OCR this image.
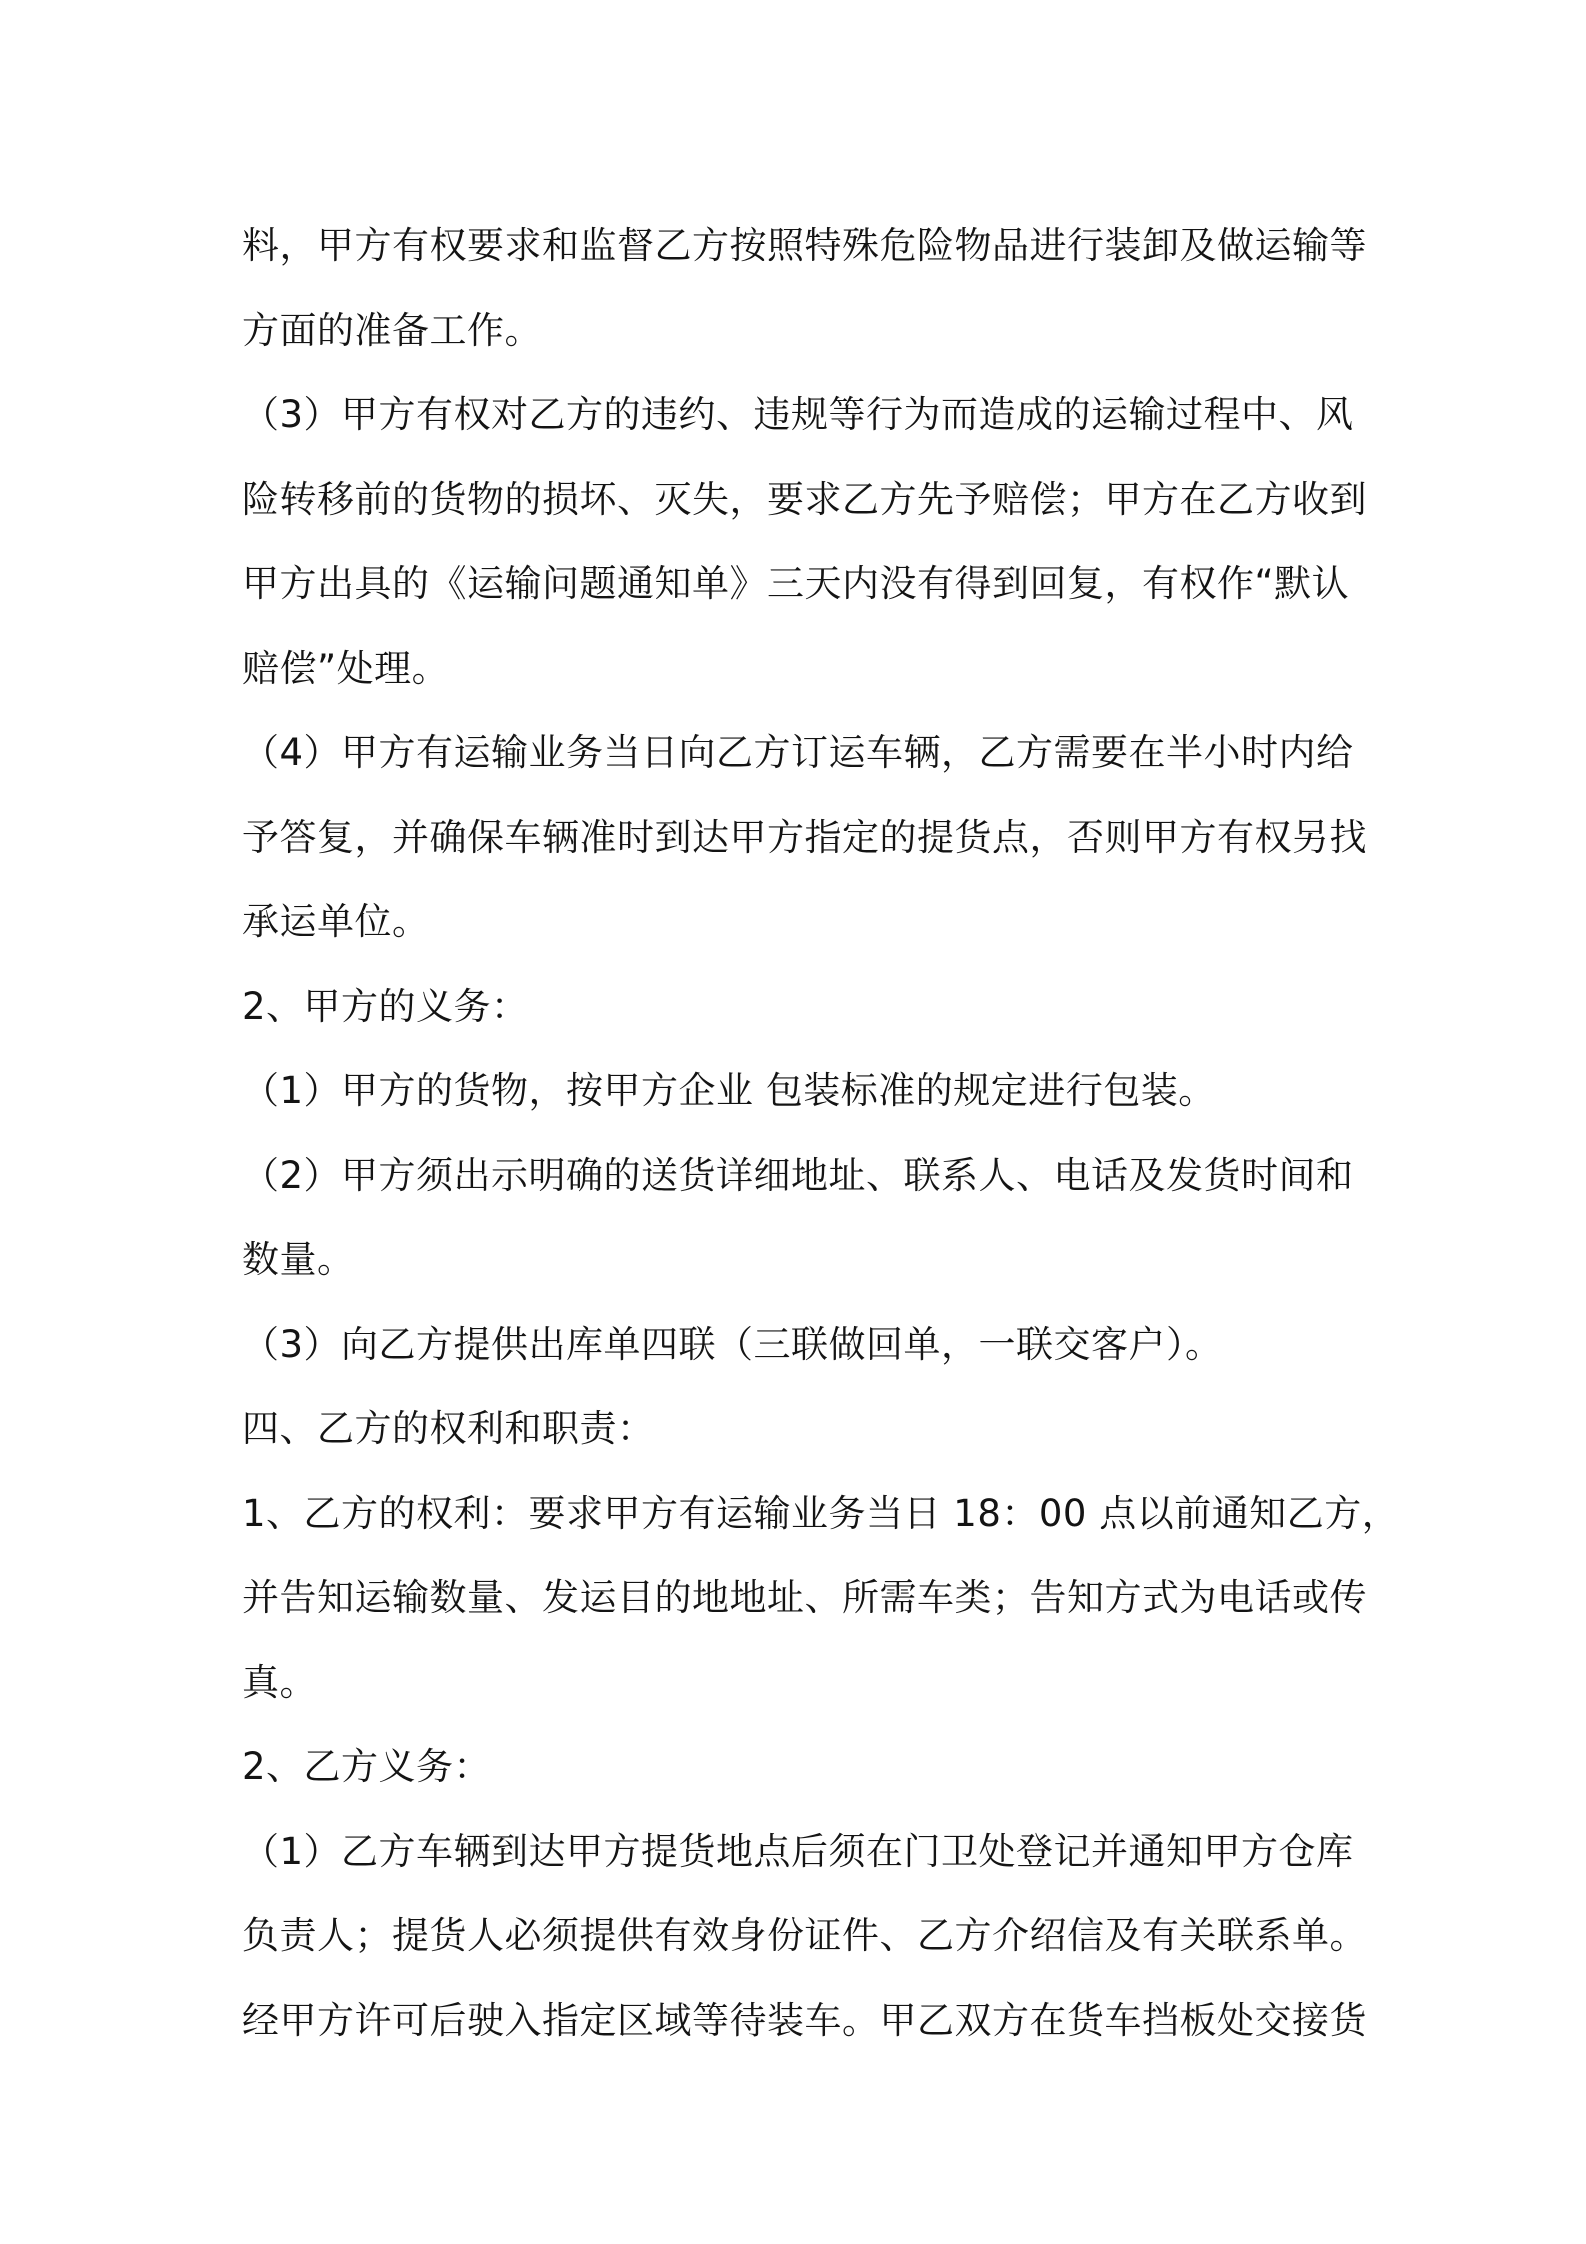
料，甲方有权要求和监督乙方按照特殊危险物品进行装卸及做运输等
方面的准备工作。
（3）甲方有权对乙方的违约、违规等行为而造成的运输过程中、风
险转移前的货物的损坏、灭失，要求乙方先予赔偿；甲方在乙方收到
甲方出具的《运输问题通知单》三天内没有得到回复，有权作“默认
赔偿”处理。
（4）甲方有运输业务当日向乙方订运车辆，乙方需要在半小时内给
予答复，并确保车辆准时到达甲方指定的提货点，否则甲方有权另找
承运单位。
2、甲方的义务：
（1）甲方的货物，按甲方企业 包装标准的规定进行包装。
（2）甲方须出示明确的送货详细地址、联系人、电话及发货时间和
数量。
（3）向乙方提供出库单四联（三联做回单，一联交客户）。
四、乙方的权利和职责：
1、乙方的权利：要求甲方有运输业务当日 18：00 点以前通知乙方，
并告知运输数量、发运目的地地址、所需车类；告知方式为电话或传
真。
2、乙方义务：
（1）乙方车辆到达甲方提货地点后须在门卫处登记并通知甲方仓库
负责人；提货人必须提供有效身份证件、乙方介绍信及有关联系单。
经甲方许可后驶入指定区域等待装车。甲乙双方在货车挡板处交接货
